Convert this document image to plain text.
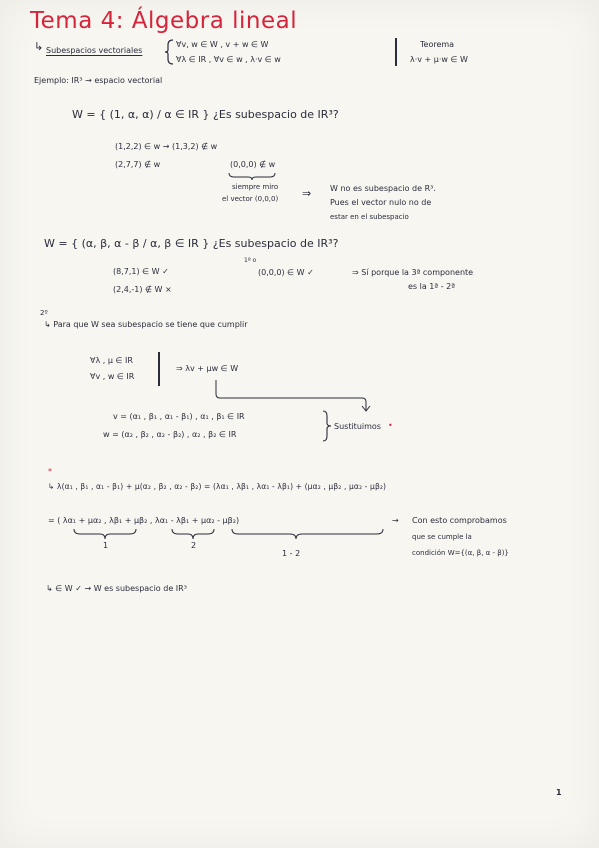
Tema 4: Álgebra lineal
↳ Subespacios vectoriales
∀v, w ∈ W , v + w ∈ W
∀λ ∈ IR , ∀v ∈ w , λ·v ∈ w
Teorema
λ·v + μ·w ∈ W
Ejemplo: IR³ → espacio vectorial
W = { (1, α, α) / α ∈ IR } ¿Es subespacio de IR³?
(1,2,2) ∈ w → (1,3,2) ∉ w
(2,7,7) ∉ w	(0,0,0) ∉ w
siempre miro
el vector (0,0,0) ⇒ W no es subespacio de R³.
Pues el vector nulo no de
estar en el subespacio
W = { (α, β, α - β / α, β ∈ IR } ¿Es subespacio de IR³?
(8,7,1) ∈ W ✓
(2,4,-1) ∉ W ×
1º o
(0,0,0) ∈ W ✓	⇒ Sí porque la 3ª componente
es la 1ª - 2ª
2º
↳ Para que W sea subespacio se tiene que cumplir
∀λ , μ ∈ IR
∀v , w ∈ IR
⇒ λv + μw ∈ W
v = (α₁ , β₁ , α₁ - β₁) , α₁ , β₁ ∈ IR
w = (α₂ , β₂ , α₂ - β₂) , α₂ , β₂ ∈ IR
Sustituimos •
*
↳ λ(α₁ , β₁ , α₁ - β₁) + μ(α₂ , β₂ , α₂ - β₂) = (λα₁ , λβ₁ , λα₁ - λβ₁) + (μα₂ , μβ₂ , μα₂ - μβ₂)
= ( λα₁ + μα₂ , λβ₁ + μβ₂ , λα₁ - λβ₁ + μα₂ - μβ₂)	→
1	2
1 - 2
Con esto comprobamos
que se cumple la
condición W={(α, β, α - β)}
↳ ∈ W ✓ → W es subespacio de IR³
1
